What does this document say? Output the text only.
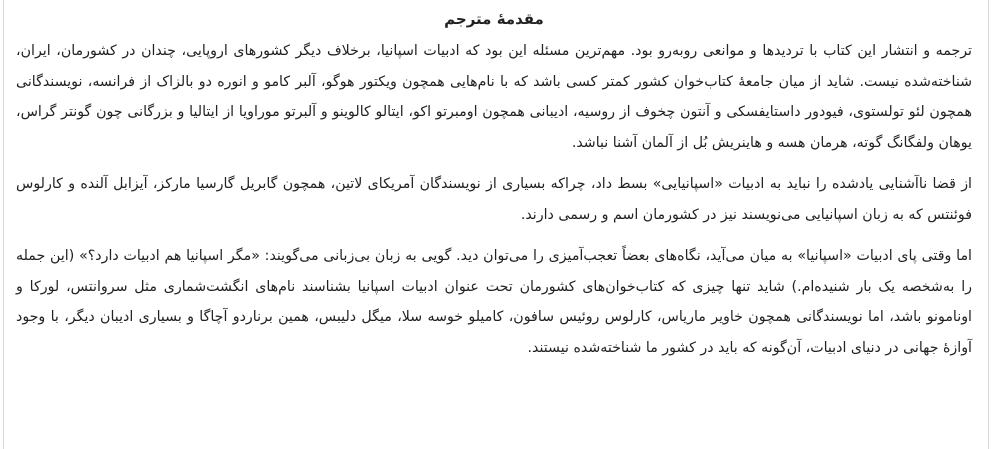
مقدمهٔ مترجم

ترجمه و انتشار این کتاب با تردیدها و موانعی روبه‌رو بود. مهم‌ترین مسئله این بود که ادبیات اسپانیا، برخلاف دیگر کشورهای اروپایی، چندان در کشورمان، ایران، شناخته‌شده نیست. شاید از میان جامعهٔ کتاب‌خوان کشور کمتر کسی باشد که با نام‌هایی همچون ویکتور هوگو، آلبر کامو و انوره دو بالزاک از فرانسه، نویسندگانی همچون لئو تولستوی، فیودور داستایفسکی و آنتون چخوف از روسیه، ادیبانی همچون اومبرتو اکو، ایتالو کالوینو و آلبرتو موراویا از ایتالیا و بزرگانی چون گونتر گراس، یوهان ولفگانگ گوته، هرمان هسه و هاینریش بُل از آلمان آشنا نباشد.

از قضا ناآشنایی یادشده را نباید به ادبیات «اسپانیایی» بسط داد، چراکه بسیاری از نویسندگان آمریکای لاتین، همچون گابریل گارسیا مارکز، آیزابل آلنده و کارلوس فوئنتس که به زبان اسپانیایی می‌نویسند نیز در کشورمان اسم و رسمی دارند.

اما وقتی پای ادبیات «اسپانیا» به میان می‌آید، نگاه‌های بعضاً تعجب‌آمیزی را می‌توان دید. گویی به زبان بی‌زبانی می‌گویند: «مگر اسپانیا هم ادبیات دارد؟» (این جمله را به‌شخصه یک بار شنیده‌ام.) شاید تنها چیزی که کتاب‌خوان‌های کشورمان تحت عنوان ادبیات اسپانیا بشناسند نام‌های انگشت‌شماری مثل سروانتس، لورکا و اونامونو باشد، اما نویسندگانی همچون خاویر ماریاس، کارلوس روئیس سافون، کامیلو خوسه سلا، میگل دلیبس، همین برناردو آچاگا و بسیاری ادیبان دیگر، با وجود آوازهٔ جهانی در دنیای ادبیات، آن‌گونه که باید در کشور ما شناخته‌شده نیستند.
